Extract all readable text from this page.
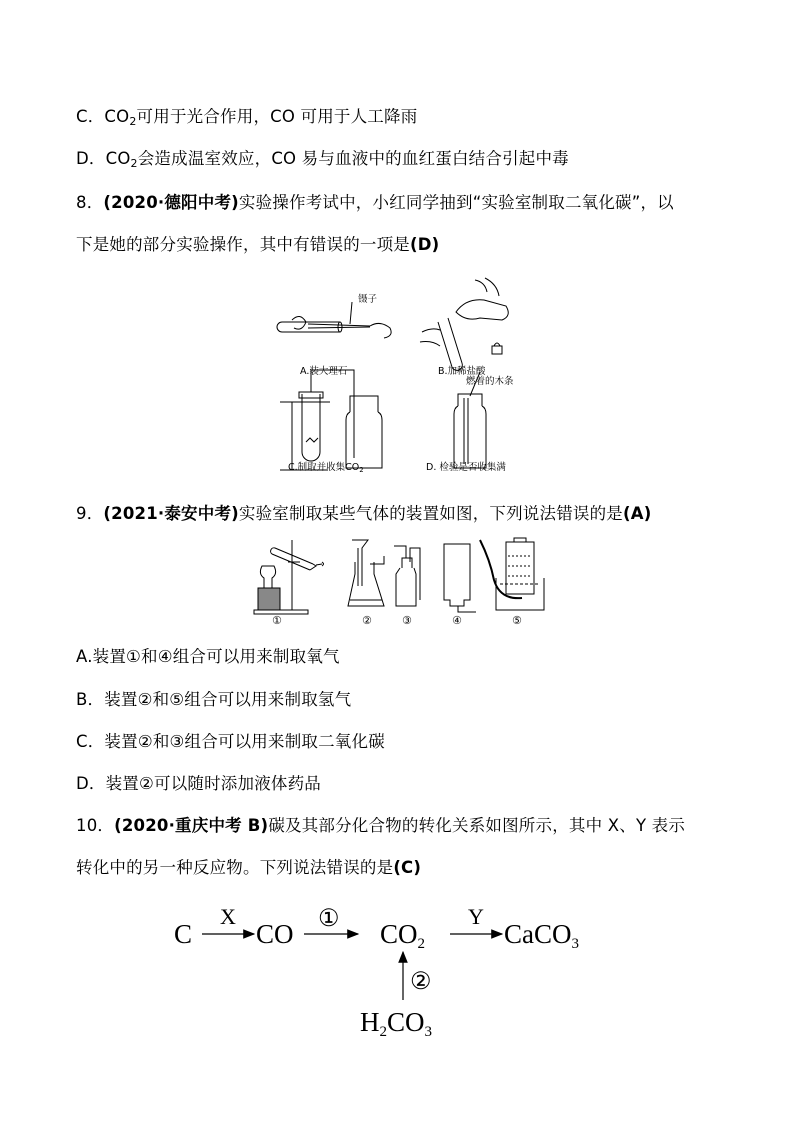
C．$CO_2$可用于光合作用，CO 可用于人工降雨
D．$CO_2$会造成温室效应，CO 易与血液中的血红蛋白结合引起中毒
8．(2020·德阳中考)实验操作考试中，小红同学抽到“实验室制取二氧化碳”，以
下是她的部分实验操作，其中有错误的一项是(D)
镊子
A.装大理石	B.加稀盐酸
燃着的木条
C.制取并收集$CO_2$	D. 检验是否收集满
9．(2021·泰安中考)实验室制取某些气体的装置如图，下列说法错误的是(A)
①	②	③	④	⑤
A.装置①和④组合可以用来制取氧气
B．装置②和⑤组合可以用来制取氢气
C．装置②和③组合可以用来制取二氧化碳
D．装置②可以随时添加液体药品
10．(2020·重庆中考 B)碳及其部分化合物的转化关系如图所示，其中 X、Y 表示
转化中的另一种反应物。下列说法错误的是(C)
C CO	CO2	CaCO3
H2CO3
X	Y
①
②
